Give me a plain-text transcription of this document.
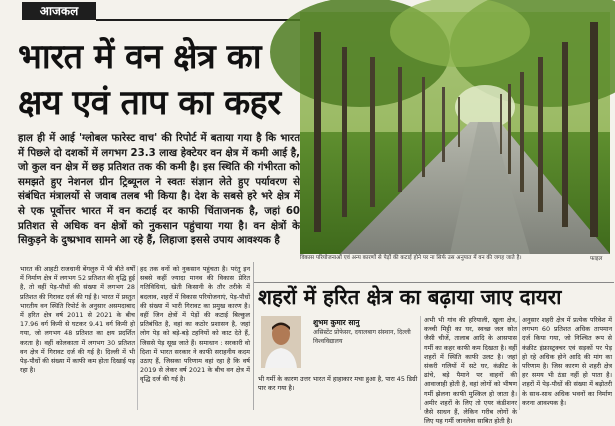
आजकल
भारत में वन क्षेत्र का
क्षय एवं ताप का कहर
हाल ही में आई 'ग्लोबल फारेस्ट वाच' की रिपोर्ट में बताया गया है कि भारत में पिछले दो दशकों में लगभग 23.3 लाख हेक्टेयर वन क्षेत्र में कमी आई है, जो कुल वन क्षेत्र में छह प्रतिशत तक की कमी है। इस स्थिति की गंभीरता को समझते हुए नेशनल ग्रीन ट्रिब्यूनल ने स्वतः संज्ञान लेते हुए पर्यावरण से संबंधित मंत्रालयों से जवाब तलब भी किया है। देश के सबसे हरे भरे क्षेत्र में से एक पूर्वोत्तर भारत में वन कटाई दर काफी चिंताजनक है, जहां 60 प्रतिशत से अधिक वन क्षेत्रों को नुकसान पहुंचाया गया है। वन क्षेत्रों के सिकुड़ने के दुष्प्रभाव सामने आ रहे हैं, लिहाजा इससे उपाय आवश्यक है
विकास परियोजनाओं एवं अन्य कारणों से पेड़ों की कटाई होने पर ना सिर्फ उस अनुपात में वन की जगह जाते है।	फाइल
भारत की आहटी राजधानी बेंगलुरु में भी बीते वर्षों में निर्माण क्षेत्र में लगभग 52 प्रतिशत की वृद्धि हुई है, तो वहीं पेड़-पौधों की संख्या में लगभग 28 प्रतिशत की गिरावट दर्ज की गई है। भारत में प्रस्तुत भारतीय वन स्थिति रिपोर्ट के अनुसार असमदाबाद में हरित क्षेत्र वर्ष 2011 से 2021 के बीच 17.96 वर्ग किमी से घटकर 9.41 वर्ग किमी हो गया, जो लगभग 48 प्रतिशत का क्षय प्रदर्शित करता है। वहीं कोलकाता में लगभग 30 प्रतिशत वन क्षेत्र में गिरावट दर्ज की गई है। दिल्ली में भी पेड़-पौधों की संख्या में काफी कम होता दिखाई पड़ रहा है।
हद तक वनों को नुकसान पहुंचता है। परंतु इन सबसे कहीं ज्यादा मानव की विकास प्रेरित गतिविधियां, खेती किसानी के तौर तरीके में बदलाव, शहरों में विकास परियोजनाएं, पेड़-पौधों की संख्या में भारी गिरावट का प्रमुख कारण है। वहीं जिन क्षेत्रों में पेड़ों की कटाई बिल्कुल प्रतिबंधित है, वहां का कठोर प्रशासन है, जहां लोग पेड़ को बड़े-बड़े टहनियों को काट देते हैं, जिससे पेड़ सूख जाते हैं। समाधान : सरकारी वो दिशा में भारत सरकार ने काफी सराहनीय कदम उठाए हैं, जिसका परिणाम वहां रहा है कि वर्ष 2019 से लेकर वर्ष 2021 के बीच वन क्षेत्र में वृद्धि दर्ज की गई है।
शहरों में हरित क्षेत्र का बढ़ाया जाए दायरा
शुभम कुमार सानु
असिस्टेंट प्रोफेसर, दयालबाग संस्थान, दिल्ली विश्वविद्यालय
भी गर्मी के कारण उत्तर भारत में हाहाकार मचा हुआ है, पारा 45 डिग्री पार कर गया है।
अभी भी गांव की हरियाली, खुला क्षेत्र, कच्ची मिट्टी का घर, स्वच्छ जल स्रोत जैसी चीजें, तालाब आदि के आसपास गर्मी का कहर काफी कम दिखता है। वहीं शहरों में स्थिति काफी उलट है। जहां संकरी गलियों में सटे घर, कंक्रीट के ढांचे, बड़े पैमाने पर वाहनों की आवाजाही होती है, वहां लोगों को भीषण गर्मी झेलना काफी मुश्किल हो जाता है। अमीर शहरों के लिए तो एयर कंडीशनर जैसे साधन हैं, लेकिन गरीब लोगों के लिए यह गर्मी जानलेवा साबित होती है।
अनुसार शहरी क्षेत्र में प्रत्येक परिवेश में लगभग 60 प्रतिशत अधिक तापमान दर्ज किया गया, जो निश्चित रूप से कंक्रीट इंफ्रास्ट्रक्चर एवं सड़कों पर पेड़ हो रहे अधिक होने आदि की मांग का परिणाम है। जिस कारण से शहरी क्षेत्र हर समय भी ठंडा नहीं हो पाता है। शहरों में पेड़-पौधों की संख्या में बढ़ोतरी के साथ-साथ अधिक भवनों का निर्माण करना आवश्यक है।
